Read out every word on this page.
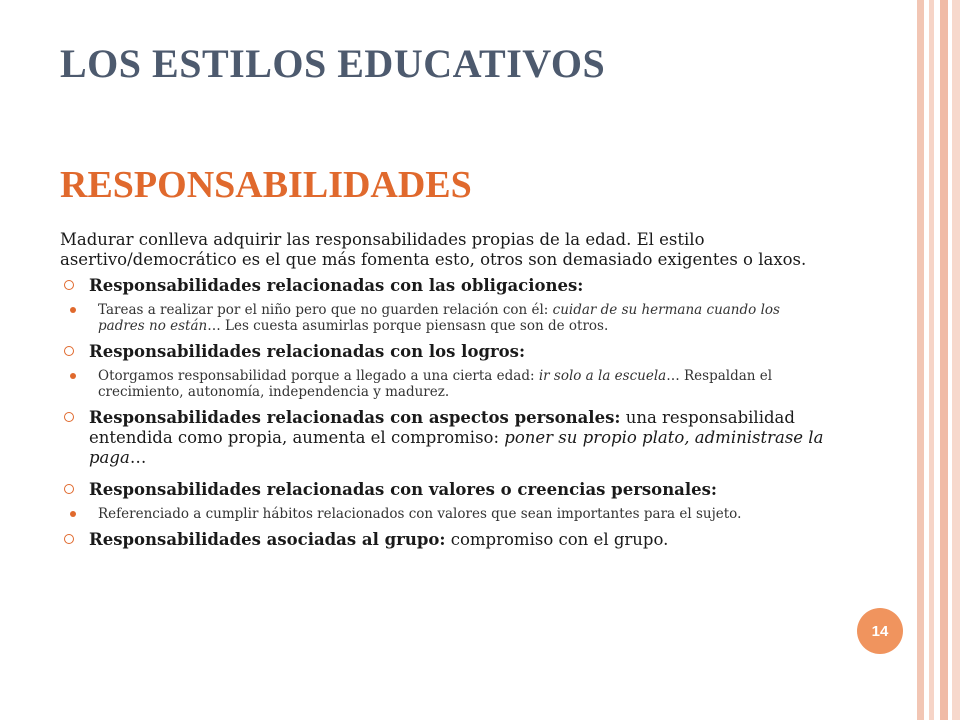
LOS ESTILOS EDUCATIVOS
RESPONSABILIDADES

Madurar conlleva adquirir las responsabilidades propias de la edad. El estilo asertivo/democrático es el que más fomenta esto, otros son demasiado exigentes o laxos.

Responsabilidades relacionadas con las obligaciones:
Tareas a realizar por el niño pero que no guarden relación con él: cuidar de su hermana cuando los padres no están… Les cuesta asumirlas porque piensasn que son de otros.
Responsabilidades relacionadas con los logros:
Otorgamos responsabilidad porque a llegado a una cierta edad: ir solo a la escuela… Respaldan el crecimiento, autonomía, independencia y madurez.
Responsabilidades relacionadas con aspectos personales: una responsabilidad entendida como propia, aumenta el compromiso: poner su propio plato, administrase la paga…
Responsabilidades relacionadas con valores o creencias personales:
Referenciado a cumplir hábitos relacionados con valores que sean importantes para el sujeto.
Responsabilidades asociadas al grupo: compromiso con el grupo.
14
